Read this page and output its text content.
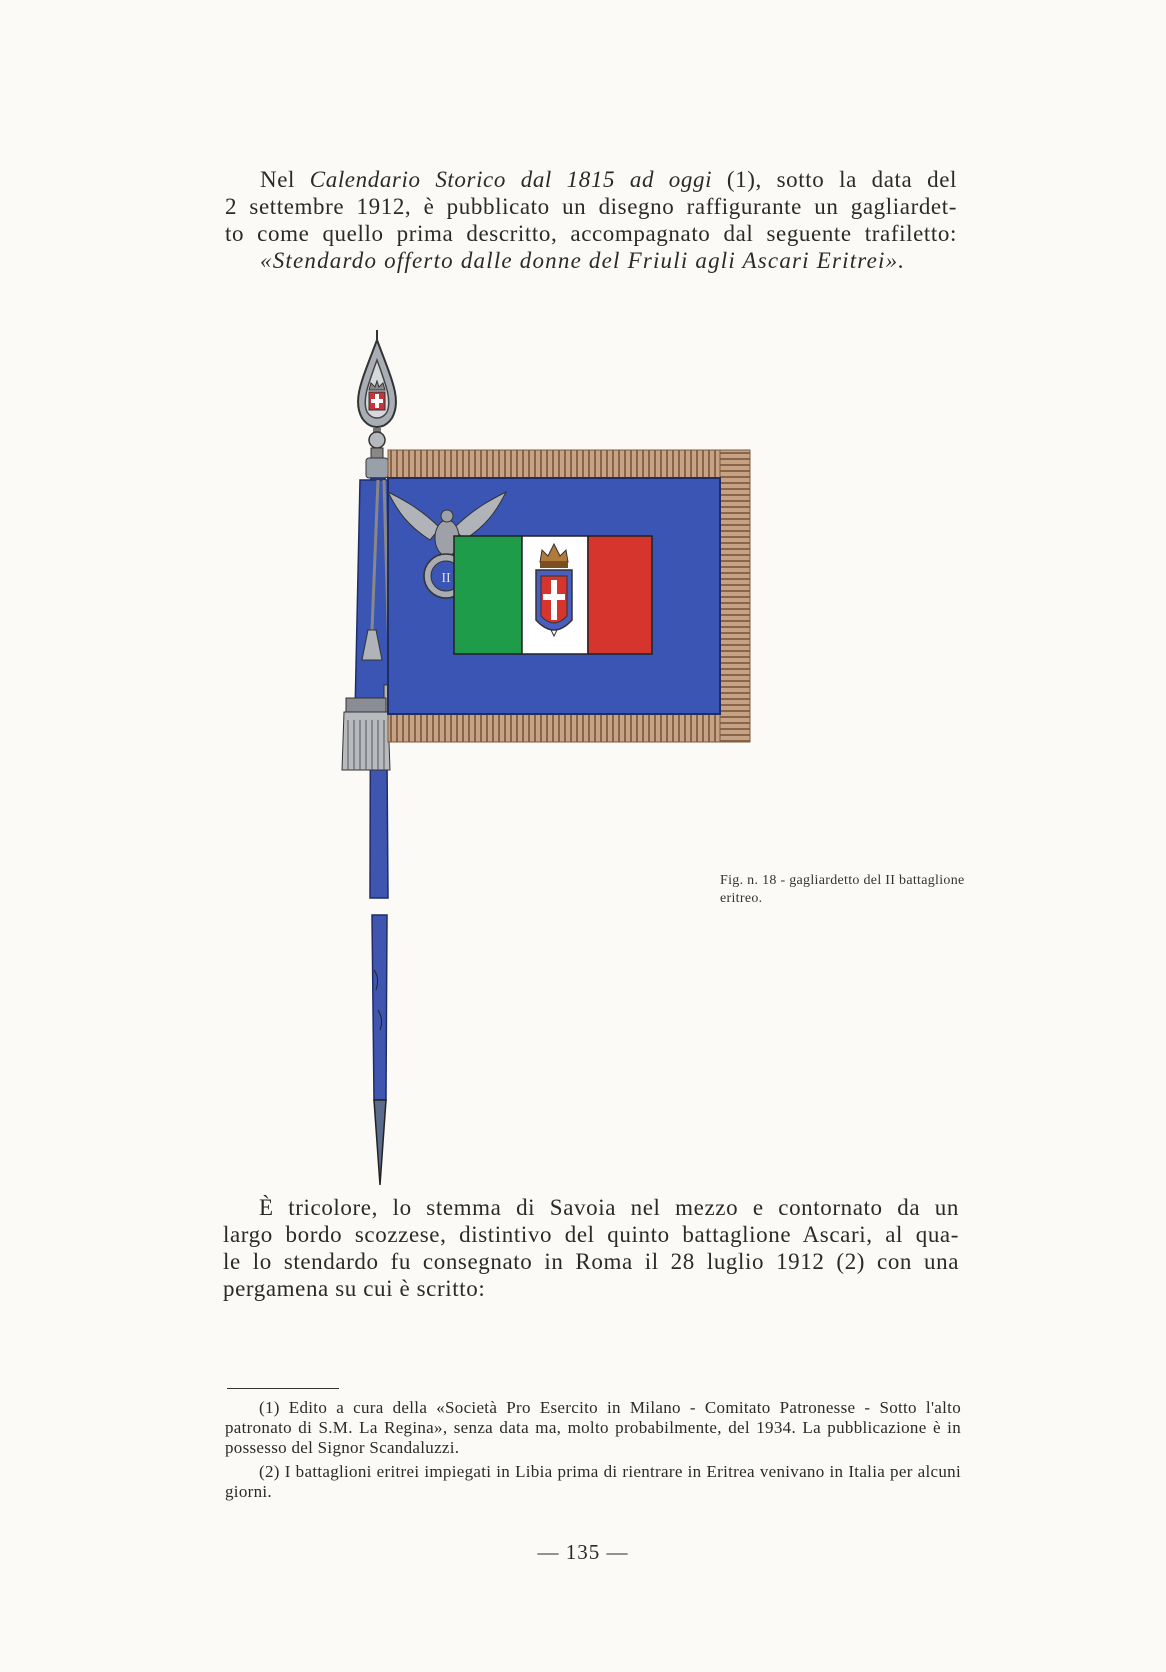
Nel Calendario Storico dal 1815 ad oggi (1), sotto la data del
2 settembre 1912, è pubblicato un disegno raffigurante un gagliardet-
to come quello prima descritto, accompagnato dal seguente trafiletto:
«Stendardo offerto dalle donne del Friuli agli Ascari Eritrei».

II
Fig. n. 18 - gagliardetto del II battaglione eritreo.

È tricolore, lo stemma di Savoia nel mezzo e contornato da un
largo bordo scozzese, distintivo del quinto battaglione Ascari, al qua-
le lo stendardo fu consegnato in Roma il 28 luglio 1912 (2) con una
pergamena su cui è scritto:

(1) Edito a cura della «Società Pro Esercito in Milano - Comitato Patronesse - Sotto l'alto patronato di S.M. La Regina», senza data ma, molto probabilmente, del 1934. La pubblicazione è in possesso del Signor Scandaluzzi.
(2) I battaglioni eritrei impiegati in Libia prima di rientrare in Eritrea venivano in Italia per alcuni giorni.
— 135 —
